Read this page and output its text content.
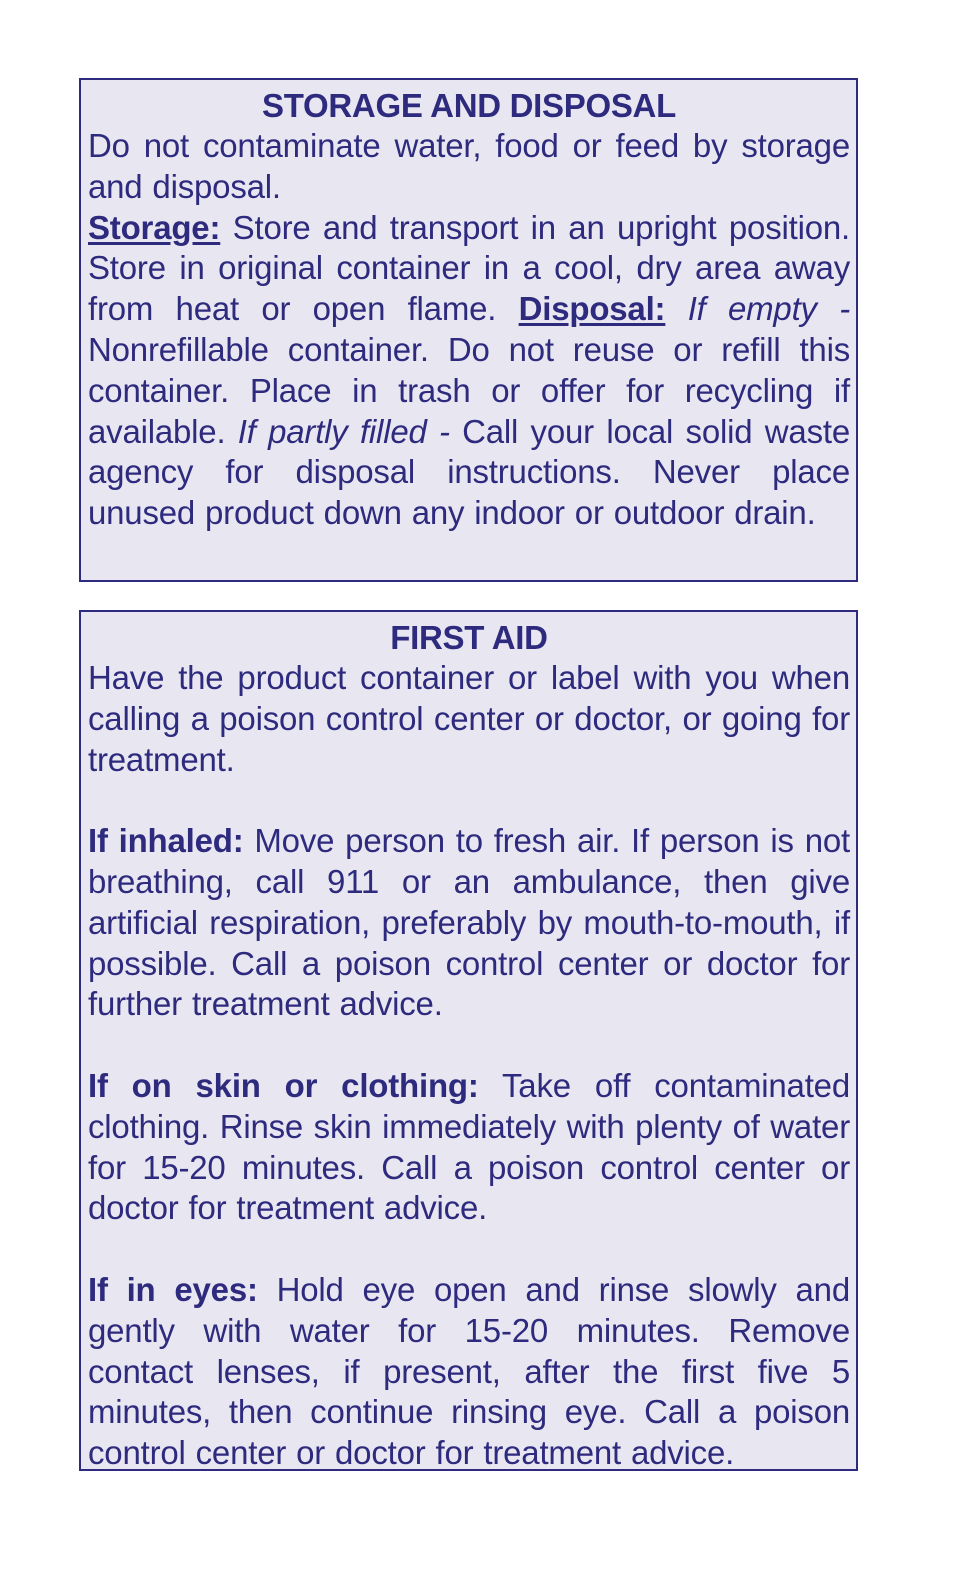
STORAGE AND DISPOSAL

Do not contaminate water, food or feed by storage and disposal.

Storage: Store and transport in an upright position. Store in original container in a cool, dry area away from heat or open flame. Disposal: If empty - Nonrefillable container. Do not reuse or refill this container. Place in trash or offer for recycling if available. If partly filled - Call your local solid waste agency for disposal instructions. Never place unused product down any indoor or outdoor drain.

FIRST AID

Have the product container or label with you when calling a poison control center or doctor, or going for treatment.

If inhaled: Move person to fresh air. If person is not breathing, call 911 or an ambulance, then give artificial respiration, preferably by mouth-to-mouth, if possible. Call a poison control center or doctor for further treatment advice.

If on skin or clothing: Take off contaminated clothing. Rinse skin immediately with plenty of water for 15-20 minutes. Call a poison control center or doctor for treatment advice.

If in eyes: Hold eye open and rinse slowly and gently with water for 15-20 minutes. Remove contact lenses, if present, after the first five 5 minutes, then continue rinsing eye. Call a poison control center or doctor for treatment advice.
